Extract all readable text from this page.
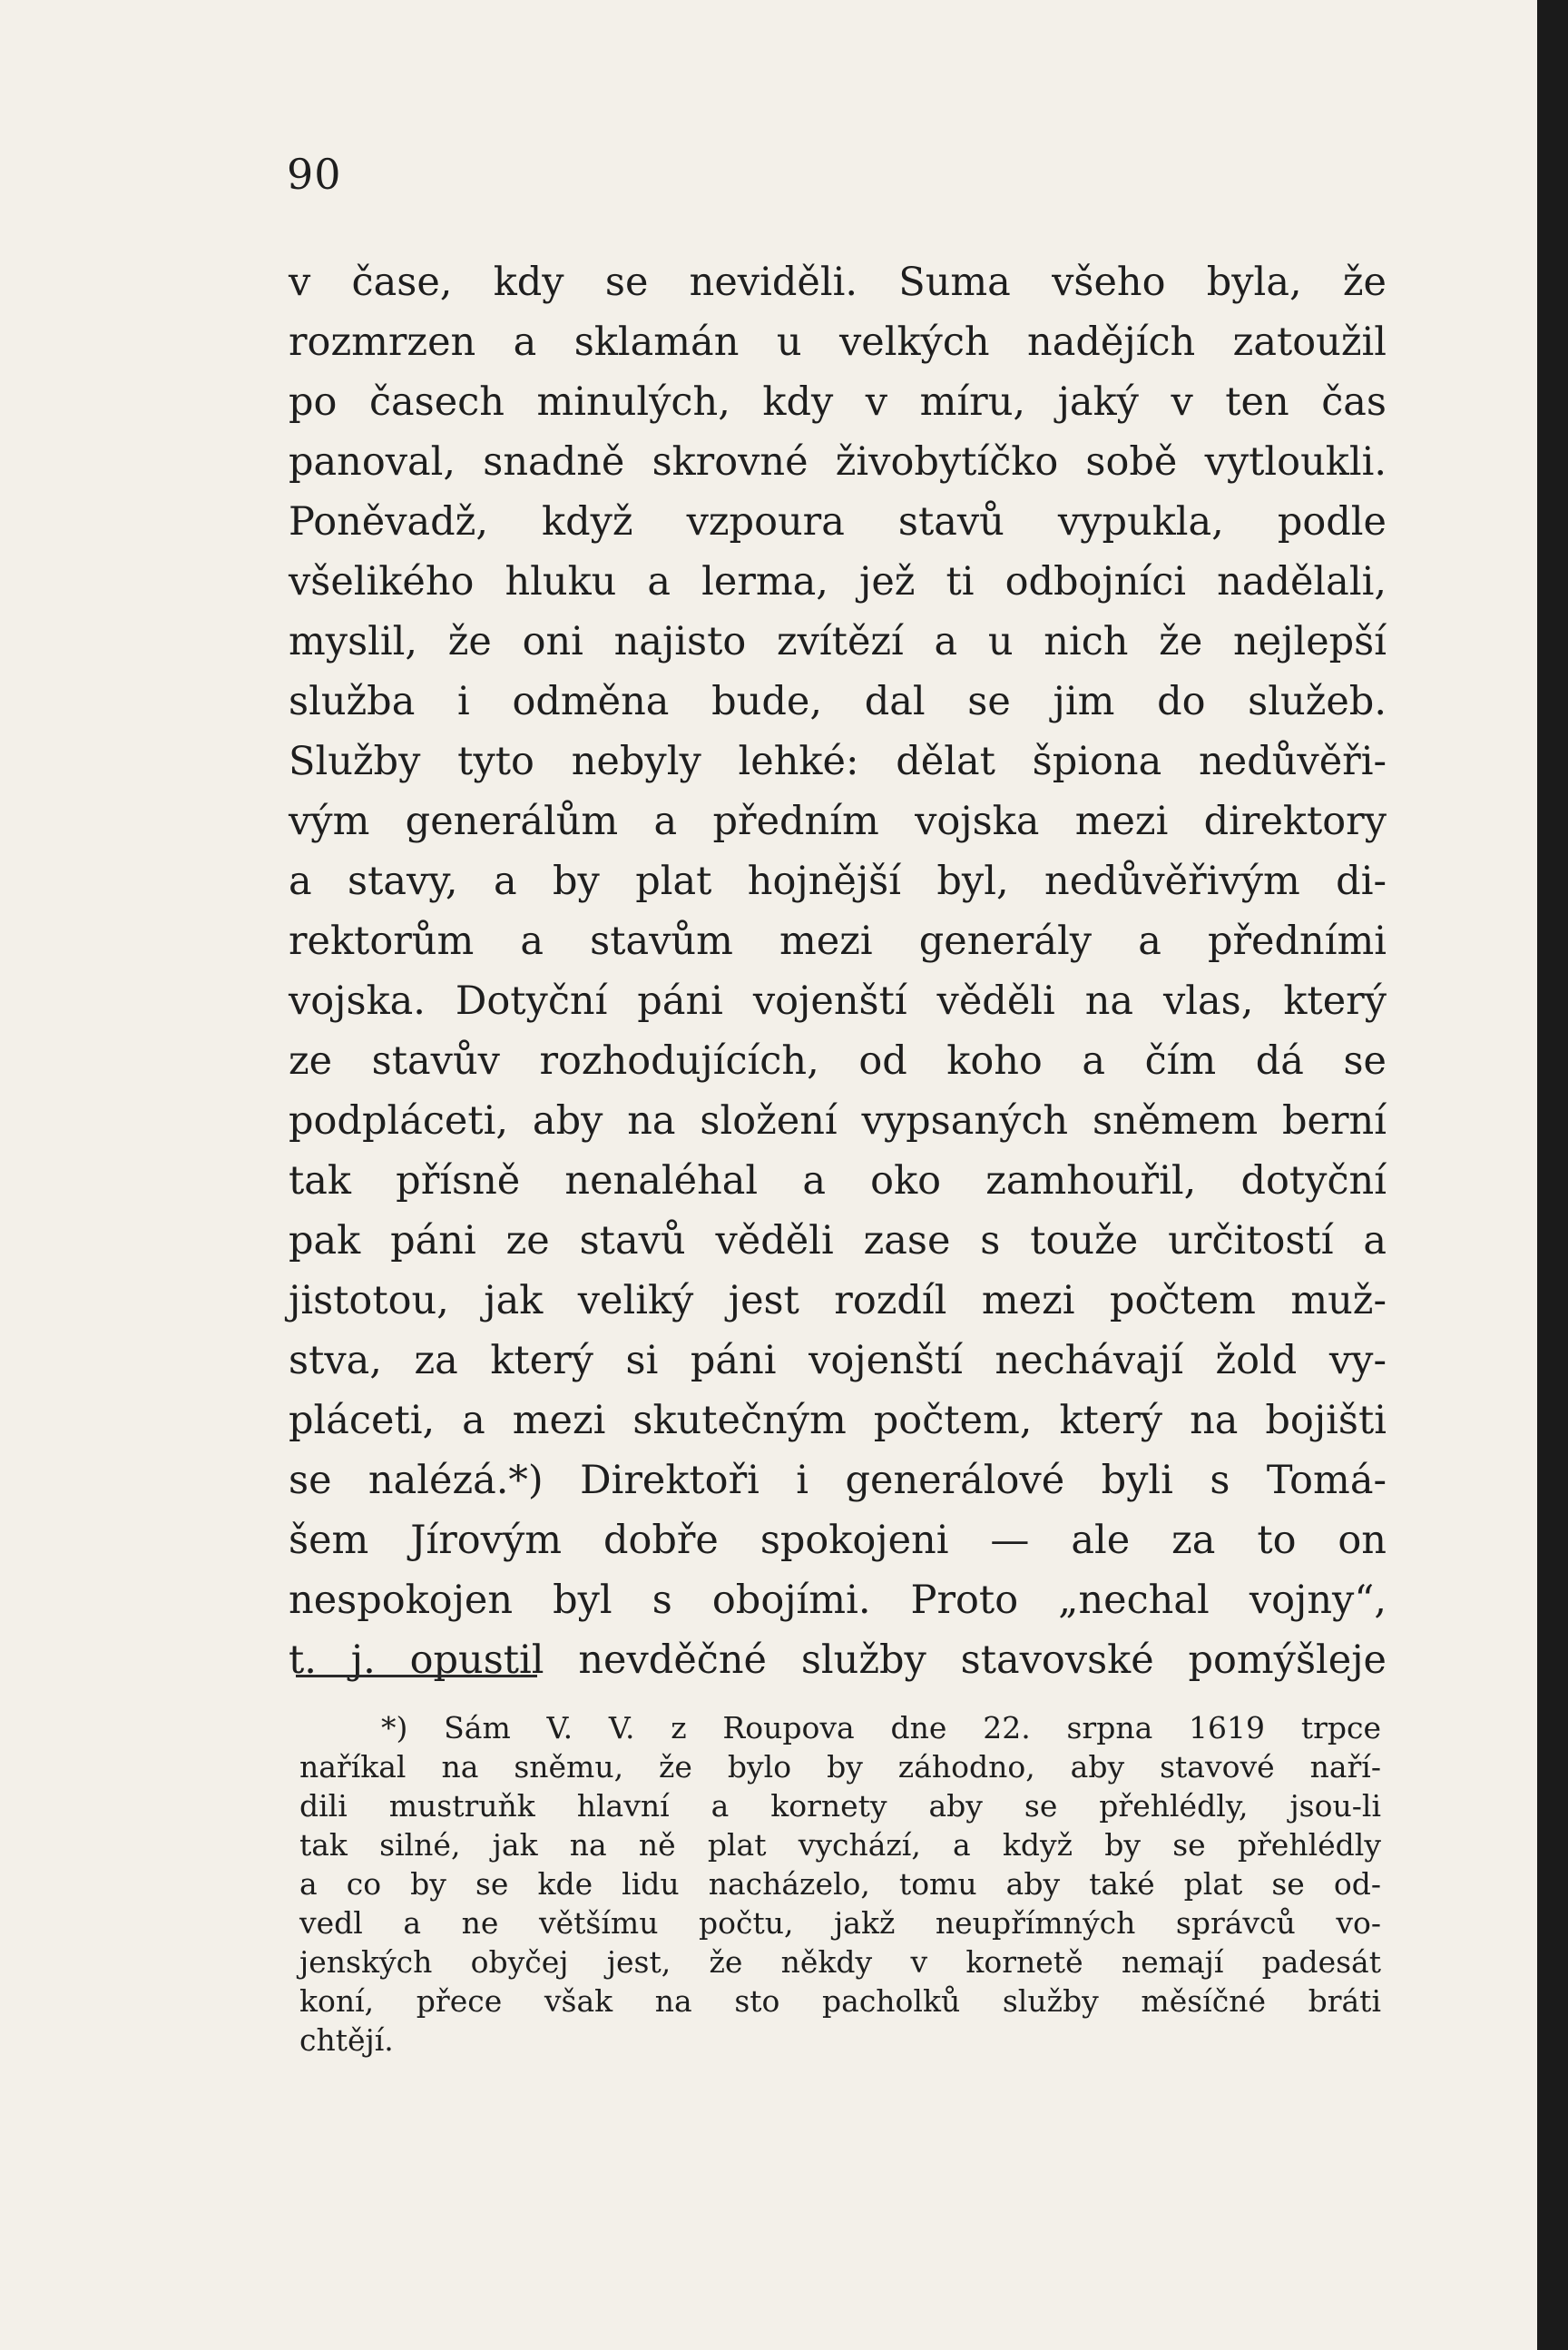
90
v čase, kdy se neviděli. Suma všeho byla, že
rozmrzen a sklamán u velkých nadějích zatoužil
po časech minulých, kdy v míru, jaký v ten čas
panoval, snadně skrovné živobytíčko sobě vytloukli.
Poněvadž, když vzpoura stavů vypukla, podle
všelikého hluku a lerma, jež ti odbojníci nadělali,
myslil, že oni najisto zvítězí a u nich že nejlepší
služba i odměna bude, dal se jim do služeb.
Služby tyto nebyly lehké: dělat špiona nedůvěři-
vým generálům a předním vojska mezi direktory
a stavy, a by plat hojnější byl, nedůvěřivým di-
rektorům a stavům mezi generály a předními
vojska. Dotyční páni vojenští věděli na vlas, který
ze stavův rozhodujících, od koho a čím dá se
podpláceti, aby na složení vypsaných sněmem berní
tak přísně nenaléhal a oko zamhouřil, dotyční
pak páni ze stavů věděli zase s touže určitostí a
jistotou, jak veliký jest rozdíl mezi počtem muž-
stva, za který si páni vojenští nechávají žold vy-
pláceti, a mezi skutečným počtem, který na bojišti
se nalézá.*) Direktoři i generálové byli s Tomá-
šem Jírovým dobře spokojeni — ale za to on
nespokojen byl s obojími. Proto „nechal vojny“,
t. j. opustil nevděčné služby stavovské pomýšleje
*) Sám V. V. z Roupova dne 22. srpna 1619 trpce
naříkal na sněmu, že bylo by záhodno, aby stavové naří-
dili mustruňk hlavní a kornety aby se přehlédly, jsou-li
tak silné, jak na ně plat vychází, a když by se přehlédly
a co by se kde lidu nacházelo, tomu aby také plat se od-
vedl a ne většímu počtu, jakž neupřímných správců vo-
jenských obyčej jest, že někdy v kornetě nemají padesát
koní, přece však na sto pacholků služby měsíčné bráti
chtějí.
